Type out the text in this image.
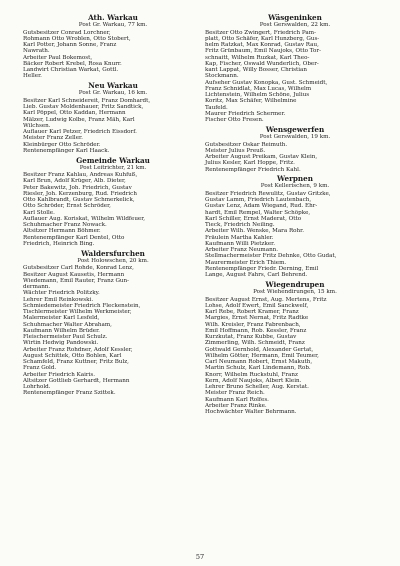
Ath. Warkau
Post Gr. Warkau, 77 km.
Gutsbesitzer Conrad Lorchner,
Rohmann Otto Wroblen, Otto Stobert,
Karl Potter, Johann Sonne, Franz
Nawrath.
Arbeiter Paul Bokemost,
Bäcker Robert Krebel, Rosa Knurr.
Landwirt Christian Warkat, Gottl.
Heller.
Neu Warkau
Post Gr. Warkau, 16 km.
Besitzer Karl Schneidereit, Franz Domhardt,
Lieb. Gustav Moldenhauer, Fritz Sandtick,
Karl Pöppel, Otto Kaddan, Hermann
Mälzer, Ludwig Kolbe, Franz Mäh, Karl
Wilchsen.
Auflauer Karl Petzer, Friedrich Eissdorf.
Meister Franz Zeller.
Kleinbürger Otto Schröder.
Rentenempfänger Karl Haack.
Gemeinde Warkau
Post Leitrichter, 21 km.
Besitzer Franz Kahlau, Andreas Kuhfuß,
Karl Brun, Adolf Krüger, Alb. Dieter,
Peter Bakewitz, Joh. Friedrich, Gustav
Riesler, Joh. Kerzenburg, Rud. Friedrich
Otto Kahlbrandt, Gustav Schmerkelick,
Otto Schröder, Ernst Schröder,
Karl Stolle.
Auflauer Aug. Koriskat, Wilhelm Wildfeuer,
Schuhmacher Franz Nowack.
Altsitzer Hermann Böhmer.
Rentenempfänger Karl Dentel, Otto
Friedrich, Heinrich Bing.
Waldersfurchen
Post Holowschen, 20 km.
Gutsbesitzer Carl Rohde, Konrad Lenz,
Besitzer August Kausetis, Hermann
Wiedemann, Emil Rauter, Franz Gun-
dermann.
Wächter Friedrich Politzky.
Lehrer Emil Reinkowski.
Schmiedemeister Friedrich Fleckenstein,
Tischlermeister Wilhelm Werkmeister,
Malermeister Karl Lesfeld,
Schuhmacher Walter Abraham,
Kaufmann Wilhelm Brüder.
Fleischermeister Paul Schulz.
Wirtin Hedwig Pandowski.
Arbeiter Franz Rohdner, Adolf Kessler,
August Schittek, Otto Bohlen, Karl
Schamfeld, Franz Kuttner, Fritz Bulz,
Franz Gold.
Arbeiter Friedrich Kairis.
Altsitzer Gottlieb Gerhardt, Hermann
Lohrhold.
Rentenempfänger Franz Szittek.
Wäsgeninken
Post Gerswalden, 22 km.
Besitzer Otto Zwingert, Friedrich Pam-
platt, Otto Schäfer, Karl Hunzberg, Gus-
helm Ratzkat, Max Konrad, Gustav Rau,
Fritz Grünbaum, Emil Naujoks, Otto Tor-
schnaitt, Wilhelm Ruzkat, Karl Theo-
Kap, Fischer, Oswald Wunderlich, Ober-
kant Lappat, Willy Bosser, Christian
Stockmann.
Aufseher Gustav Konopka, Gust. Schmeidt,
Franz Schnidlat, Max Lucas, Wilhelm
Lichtenstein, Wilhelm Schöne, Julius
Koritz, Max Schäfer, Wilhelmine
Taufeld.
Maurer Friedrich Schermer.
Fischer Otto Fresen.
Wensgewerfen
Post Gerswalden, 19 km.
Gutsbesitzer Oskar Reimuth.
Meister Julius Preuß.
Arbeiter August Preikam, Gustav Klein,
Julius Kesler, Karl Hoppe, Fritz.
Rentenempfänger Friedrich Kahl.
Werpnen
Post Kellerischen, 9 km.
Besitzer Friedrich Rewulitz, Gustav Gritzke,
Gustav Lamm, Friedrich Lautenbach,
Gustav Lenz, Adam Wiegand, Rud. Ehr-
hardt, Emil Rempel, Walter Schöpke,
Karl Schiller, Ernst Maderat, Otto
Tieck, Friedrich Neiling.
Arbeiter Wilh. Wenske, Mara Rohr.
Fräulein Martha Kahler.
Kaufmann Willi Pietzker.
Arbeiter Franz Neumann.
Stellmachermeister Fritz Dehnke, Otto Gudat,
Maurermeister Erich Thiem.
Rentenempfänger Friedr. Derning, Emil
Lange, August Fahrs, Carl Behrend.
Wiegendrupen
Post Wiehendirungen, 15 km.
Besitzer August Ernst, Aug. Mertens, Fritz
Lohse, Adolf Ewert, Emil Sanckwelf,
Karl Rebe, Robert Kramer, Franz
Margies, Ernst Nernat, Fritz Radtke
Wilh. Kreisler, Franz Fabrenbach,
Emil Hoffmann, Rob. Kessler, Franz
Kurzkutat, Franz Kubbe, Gustav
Zimmerling, Wilh. Schmeidt, Franz
Gottwald Gernhold, Alexander Gertat,
Wilhelm Götter, Hermann, Emil Teumer,
Carl Neumann Robert, Ernst Makuth,
Martin Schulz, Karl Lindemann, Rob.
Knorr, Wilhelm Ruckstuhl, Franz
Kern, Adolf Naujoks, Albert Klein.
Lehrer Bruno Scheller, Aug. Kerstat.
Meister Franz Reich.
Kaufmann Karl Rolfes.
Arbeiter Franz Rinke.
Hochwächter Walter Behrmann.
57
